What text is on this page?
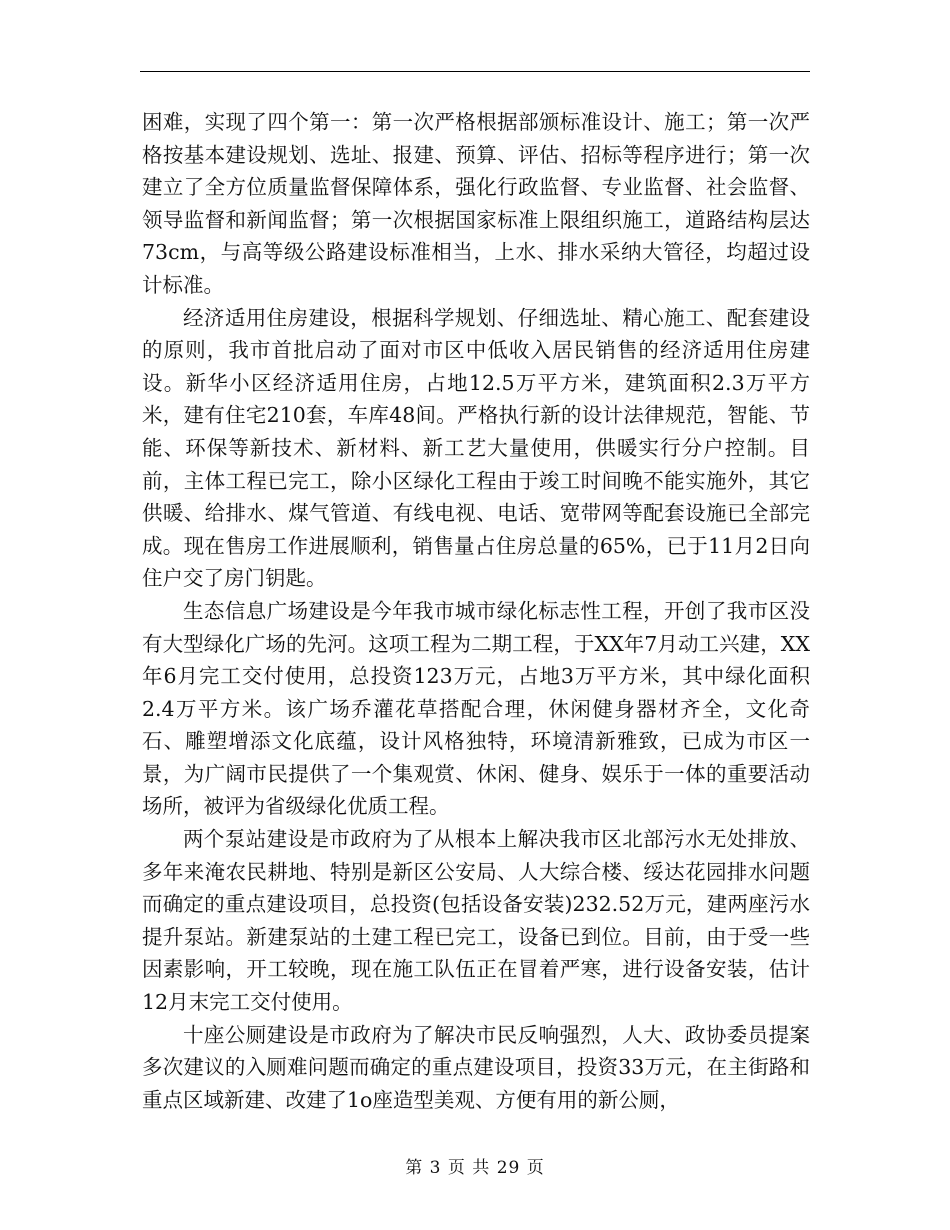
困难，实现了四个第一：第一次严格根据部颁标准设计、施工；第一次严格按基本建设规划、选址、报建、预算、评估、招标等程序进行；第一次建立了全方位质量监督保障体系，强化行政监督、专业监督、社会监督、领导监督和新闻监督；第一次根据国家标准上限组织施工，道路结构层达73cm，与高等级公路建设标准相当，上水、排水采纳大管径，均超过设计标准。

经济适用住房建设，根据科学规划、仔细选址、精心施工、配套建设的原则，我市首批启动了面对市区中低收入居民销售的经济适用住房建设。新华小区经济适用住房，占地12.5万平方米，建筑面积2.3万平方米，建有住宅210套，车库48间。严格执行新的设计法律规范，智能、节能、环保等新技术、新材料、新工艺大量使用，供暖实行分户控制。目前，主体工程已完工，除小区绿化工程由于竣工时间晚不能实施外，其它供暖、给排水、煤气管道、有线电视、电话、宽带网等配套设施已全部完成。现在售房工作进展顺利，销售量占住房总量的65%，已于11月2日向住户交了房门钥匙。

生态信息广场建设是今年我市城市绿化标志性工程，开创了我市区没有大型绿化广场的先河。这项工程为二期工程，于XX年7月动工兴建，XX年6月完工交付使用，总投资123万元，占地3万平方米，其中绿化面积2.4万平方米。该广场乔灌花草搭配合理，休闲健身器材齐全，文化奇石、雕塑增添文化底蕴，设计风格独特，环境清新雅致，已成为市区一景，为广阔市民提供了一个集观赏、休闲、健身、娱乐于一体的重要活动场所，被评为省级绿化优质工程。

两个泵站建设是市政府为了从根本上解决我市区北部污水无处排放、多年来淹农民耕地、特别是新区公安局、人大综合楼、绥达花园排水问题而确定的重点建设项目，总投资(包括设备安装)232.52万元，建两座污水提升泵站。新建泵站的土建工程已完工，设备已到位。目前，由于受一些因素影响，开工较晚，现在施工队伍正在冒着严寒，进行设备安装，估计12月末完工交付使用。

十座公厕建设是市政府为了解决市民反响强烈，人大、政协委员提案多次建议的入厕难问题而确定的重点建设项目，投资33万元，在主街路和重点区域新建、改建了1o座造型美观、方便有用的新公厕，

第 3 页 共 29 页
